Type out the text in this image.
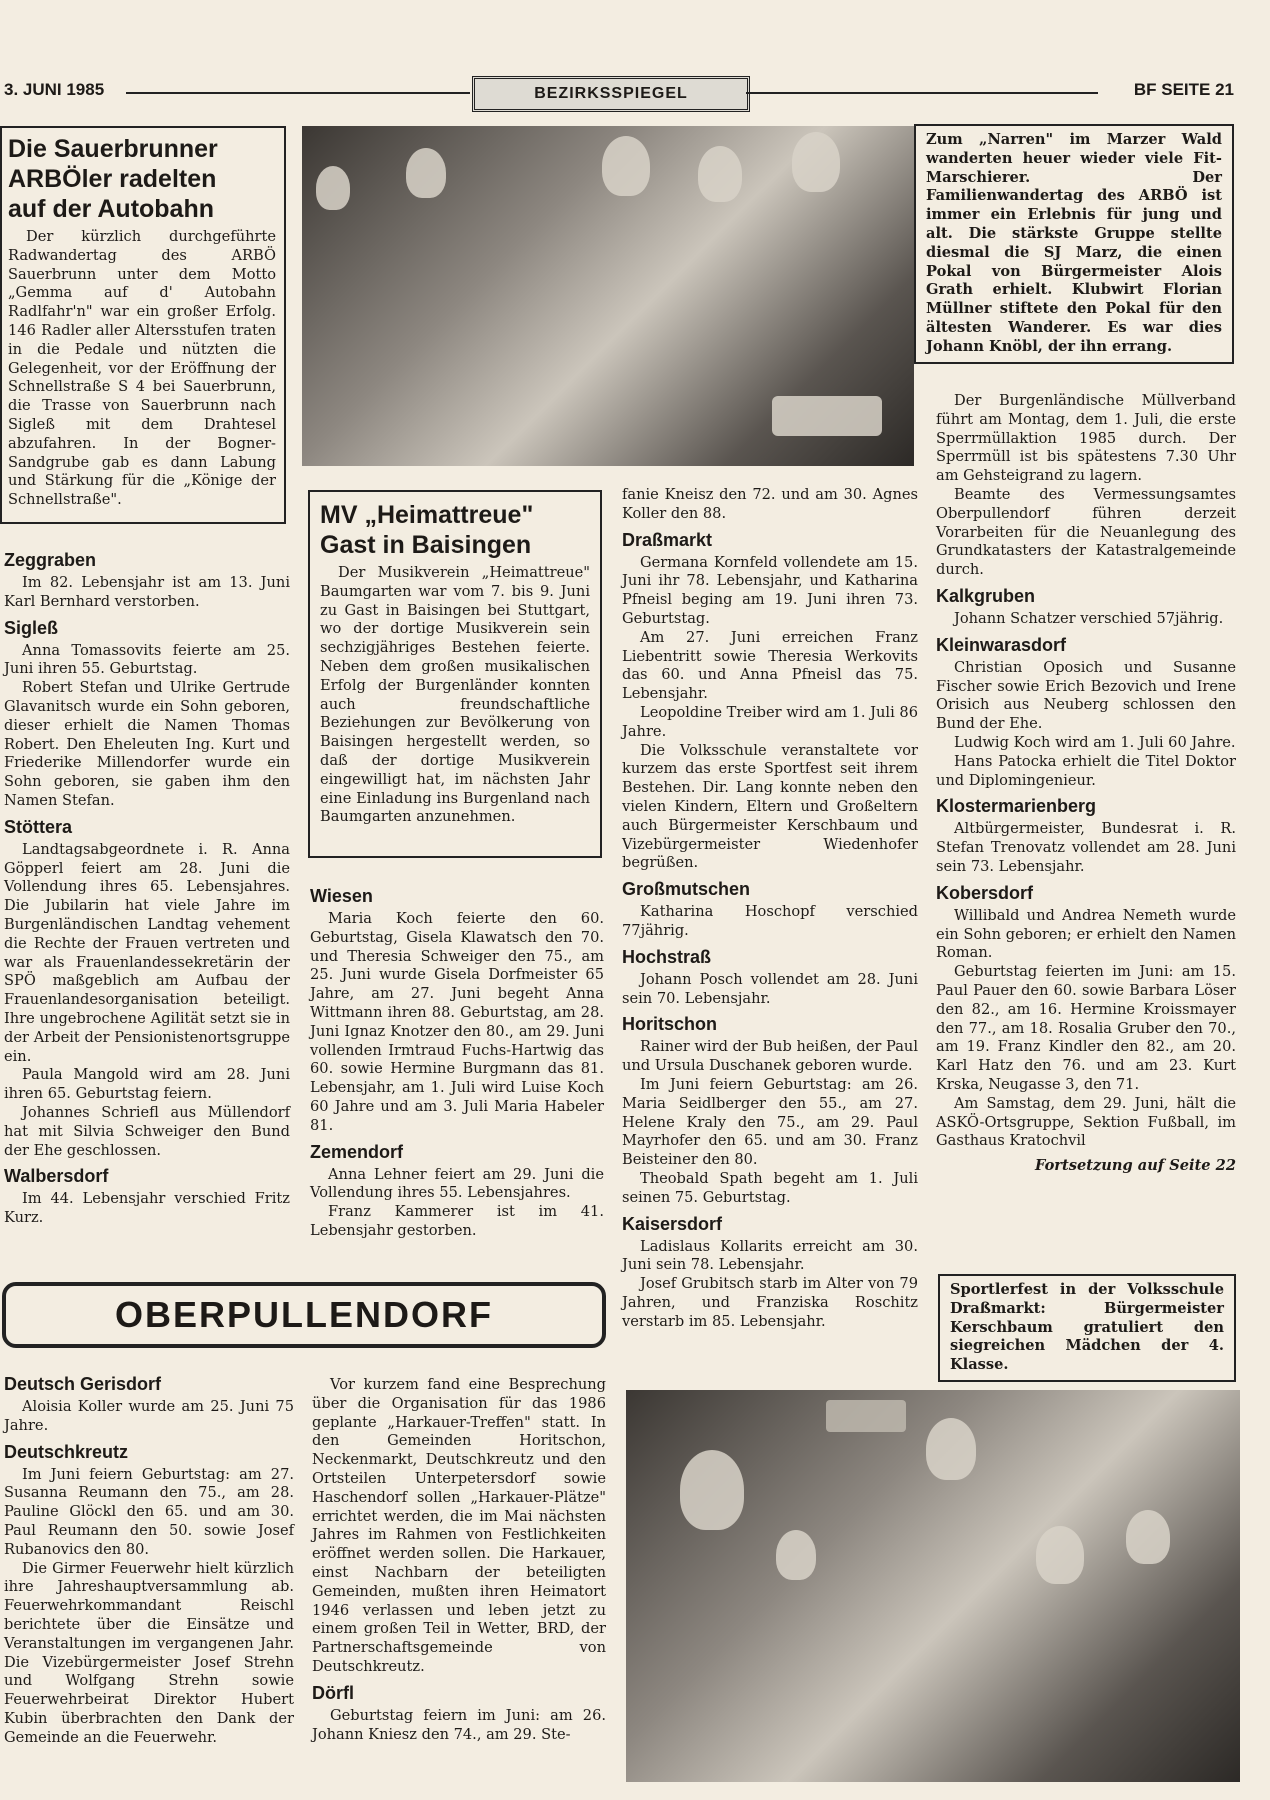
3. JUNI 1985	BEZIRKSSPIEGEL	BF SEITE 21
Die Sauerbrunner
ARBÖler radelten
auf der Autobahn

Der kürzlich durchgeführte Radwandertag des ARBÖ Sauerbrunn unter dem Motto „Gemma auf d' Autobahn Radlfahr'n" war ein großer Erfolg. 146 Radler aller Altersstufen traten in die Pedale und nützten die Gelegenheit, vor der Eröffnung der Schnellstraße S 4 bei Sauerbrunn, die Trasse von Sauerbrunn nach Sigleß mit dem Drahtesel abzufahren. In der Bogner-Sandgrube gab es dann Labung und Stärkung für die „Könige der Schnellstraße".

Zeggraben

Im 82. Lebensjahr ist am 13. Juni Karl Bernhard verstorben.

Sigleß

Anna Tomassovits feierte am 25. Juni ihren 55. Geburtstag.

Robert Stefan und Ulrike Gertrude Glavanitsch wurde ein Sohn geboren, dieser erhielt die Namen Thomas Robert. Den Eheleuten Ing. Kurt und Friederike Millendorfer wurde ein Sohn geboren, sie gaben ihm den Namen Stefan.

Stöttera

Landtagsabgeordnete i. R. Anna Göpperl feiert am 28. Juni die Vollendung ihres 65. Lebensjahres. Die Jubilarin hat viele Jahre im Burgenländischen Landtag vehement die Rechte der Frauen vertreten und war als Frauenlandessekretärin der SPÖ maßgeblich am Aufbau der Frauenlandesorganisation beteiligt. Ihre ungebrochene Agilität setzt sie in der Arbeit der Pensionistenortsgruppe ein.

Paula Mangold wird am 28. Juni ihren 65. Geburtstag feiern.

Johannes Schriefl aus Müllendorf hat mit Silvia Schweiger den Bund der Ehe geschlossen.

Walbersdorf

Im 44. Lebensjahr verschied Fritz Kurz.

Zum „Narren" im Marzer Wald wanderten heuer wieder viele Fit-Marschierer. Der Familienwandertag des ARBÖ ist immer ein Erlebnis für jung und alt. Die stärkste Gruppe stellte diesmal die SJ Marz, die einen Pokal von Bürgermeister Alois Grath erhielt. Klubwirt Florian Müllner stiftete den Pokal für den ältesten Wanderer. Es war dies Johann Knöbl, der ihn errang.
MV „Heimattreue"
Gast in Baisingen

Der Musikverein „Heimattreue" Baumgarten war vom 7. bis 9. Juni zu Gast in Baisingen bei Stuttgart, wo der dortige Musikverein sein sechzigjähriges Bestehen feierte. Neben dem großen musikalischen Erfolg der Burgenländer konnten auch freundschaftliche Beziehungen zur Bevölkerung von Baisingen hergestellt werden, so daß der dortige Musikverein eingewilligt hat, im nächsten Jahr eine Einladung ins Burgenland nach Baumgarten anzunehmen.

Wiesen

Maria Koch feierte den 60. Geburtstag, Gisela Klawatsch den 70. und Theresia Schweiger den 75., am 25. Juni wurde Gisela Dorfmeister 65 Jahre, am 27. Juni begeht Anna Wittmann ihren 88. Geburtstag, am 28. Juni Ignaz Knotzer den 80., am 29. Juni vollenden Irmtraud Fuchs-Hartwig das 60. sowie Hermine Burgmann das 81. Lebensjahr, am 1. Juli wird Luise Koch 60 Jahre und am 3. Juli Maria Habeler 81.

Zemendorf

Anna Lehner feiert am 29. Juni die Vollendung ihres 55. Lebensjahres.

Franz Kammerer ist im 41. Lebensjahr gestorben.

fanie Kneisz den 72. und am 30. Agnes Koller den 88.

Draßmarkt

Germana Kornfeld vollendete am 15. Juni ihr 78. Lebensjahr, und Katharina Pfneisl beging am 19. Juni ihren 73. Geburtstag.

Am 27. Juni erreichen Franz Liebentritt sowie Theresia Werkovits das 60. und Anna Pfneisl das 75. Lebensjahr.

Leopoldine Treiber wird am 1. Juli 86 Jahre.

Die Volksschule veranstaltete vor kurzem das erste Sportfest seit ihrem Bestehen. Dir. Lang konnte neben den vielen Kindern, Eltern und Großeltern auch Bürgermeister Kerschbaum und Vizebürgermeister Wiedenhofer begrüßen.

Großmutschen

Katharina Hoschopf verschied 77jährig.

Hochstraß

Johann Posch vollendet am 28. Juni sein 70. Lebensjahr.

Horitschon

Rainer wird der Bub heißen, der Paul und Ursula Duschanek geboren wurde.

Im Juni feiern Geburtstag: am 26. Maria Seidlberger den 55., am 27. Helene Kraly den 75., am 29. Paul Mayrhofer den 65. und am 30. Franz Beisteiner den 80.

Theobald Spath begeht am 1. Juli seinen 75. Geburtstag.

Kaisersdorf

Ladislaus Kollarits erreicht am 30. Juni sein 78. Lebensjahr.

Josef Grubitsch starb im Alter von 79 Jahren, und Franziska Roschitz verstarb im 85. Lebensjahr.

Der Burgenländische Müllverband führt am Montag, dem 1. Juli, die erste Sperrmüllaktion 1985 durch. Der Sperrmüll ist bis spätestens 7.30 Uhr am Gehsteigrand zu lagern.

Beamte des Vermessungsamtes Oberpullendorf führen derzeit Vorarbeiten für die Neuanlegung des Grundkatasters der Katastralgemeinde durch.

Kalkgruben

Johann Schatzer verschied 57jährig.

Kleinwarasdorf

Christian Oposich und Susanne Fischer sowie Erich Bezovich und Irene Orisich aus Neuberg schlossen den Bund der Ehe.

Ludwig Koch wird am 1. Juli 60 Jahre.

Hans Patocka erhielt die Titel Doktor und Diplomingenieur.

Klostermarienberg

Altbürgermeister, Bundesrat i. R. Stefan Trenovatz vollendet am 28. Juni sein 73. Lebensjahr.

Kobersdorf

Willibald und Andrea Nemeth wurde ein Sohn geboren; er erhielt den Namen Roman.

Geburtstag feierten im Juni: am 15. Paul Pauer den 60. sowie Barbara Löser den 82., am 16. Hermine Kroissmayer den 77., am 18. Rosalia Gruber den 70., am 19. Franz Kindler den 82., am 20. Karl Hatz den 76. und am 23. Kurt Krska, Neugasse 3, den 71.

Am Samstag, dem 29. Juni, hält die ASKÖ-Ortsgruppe, Sektion Fußball, im Gasthaus Kratochvil

Fortsetzung auf Seite 22
Sportlerfest in der Volksschule Draßmarkt: Bürgermeister Kerschbaum gratuliert den siegreichen Mädchen der 4. Klasse.
OBERPULLENDORF
Deutsch Gerisdorf

Aloisia Koller wurde am 25. Juni 75 Jahre.

Deutschkreutz

Im Juni feiern Geburtstag: am 27. Susanna Reumann den 75., am 28. Pauline Glöckl den 65. und am 30. Paul Reumann den 50. sowie Josef Rubanovics den 80.

Die Girmer Feuerwehr hielt kürzlich ihre Jahreshauptversammlung ab. Feuerwehrkommandant Reischl berichtete über die Einsätze und Veranstaltungen im vergangenen Jahr. Die Vizebürgermeister Josef Strehn und Wolfgang Strehn sowie Feuerwehrbeirat Direktor Hubert Kubin überbrachten den Dank der Gemeinde an die Feuerwehr.

Vor kurzem fand eine Besprechung über die Organisation für das 1986 geplante „Harkauer-Treffen" statt. In den Gemeinden Horitschon, Neckenmarkt, Deutschkreutz und den Ortsteilen Unterpetersdorf sowie Haschendorf sollen „Harkauer-Plätze" errichtet werden, die im Mai nächsten Jahres im Rahmen von Festlichkeiten eröffnet werden sollen. Die Harkauer, einst Nachbarn der beteiligten Gemeinden, mußten ihren Heimatort 1946 verlassen und leben jetzt zu einem großen Teil in Wetter, BRD, der Partnerschaftsgemeinde von Deutschkreutz.

Dörfl

Geburtstag feiern im Juni: am 26. Johann Kniesz den 74., am 29. Ste-
